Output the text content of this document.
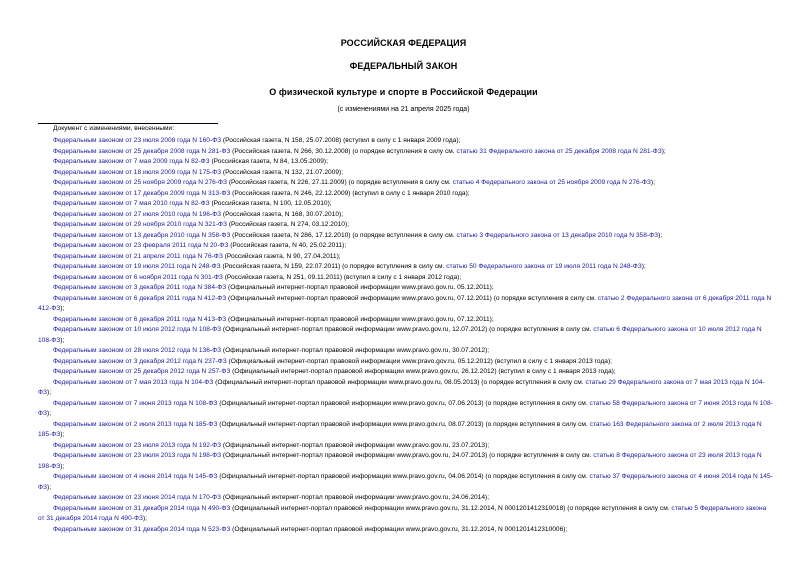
РОССИЙСКАЯ ФЕДЕРАЦИЯ
ФЕДЕРАЛЬНЫЙ ЗАКОН
О физической культуре и спорте в Российской Федерации
(с изменениями на 21 апреля 2025 года)
Документ с изменениями, внесенными:

Федеральным законом от 23 июля 2008 года N 160-ФЗ (Российская газета, N 158, 25.07.2008) (вступил в силу с 1 января 2009 года);

Федеральным законом от 25 декабря 2008 года N 281-ФЗ (Российская газета, N 266, 30.12.2008) (о порядке вступления в силу см. статью 31 Федерального закона от 25 декабря 2008 года N 281-ФЗ);

Федеральным законом от 7 мая 2009 года N 82-ФЗ (Российская газета, N 84, 13.05.2009);

Федеральным законом от 18 июля 2009 года N 175-ФЗ (Российская газета, N 132, 21.07.2009);

Федеральным законом от 25 ноября 2009 года N 276-ФЗ (Российская газета, N 226, 27.11.2009) (о порядке вступления в силу см. статью 4 Федерального закона от 25 ноября 2009 года N 276-ФЗ);

Федеральным законом от 17 декабря 2009 года N 313-ФЗ (Российская газета, N 246, 22.12.2009) (вступил в силу с 1 января 2010 года);

Федеральным законом от 7 мая 2010 года N 82-ФЗ (Российская газета, N 100, 12.05.2010);

Федеральным законом от 27 июля 2010 года N 196-ФЗ (Российская газета, N 168, 30.07.2010);

Федеральным законом от 29 ноября 2010 года N 321-ФЗ (Российская газета, N 274, 03.12.2010);

Федеральным законом от 13 декабря 2010 года N 358-ФЗ (Российская газета, N 286, 17.12.2010) (о порядке вступления в силу см. статью 3 Федерального закона от 13 декабря 2010 года N 358-ФЗ);

Федеральным законом от 23 февраля 2011 года N 20-ФЗ (Российская газета, N 40, 25.02.2011);

Федеральным законом от 21 апреля 2011 года N 76-ФЗ (Российская газета, N 90, 27.04.2011);

Федеральным законом от 19 июля 2011 года N 248-ФЗ (Российская газета, N 159, 22.07.2011) (о порядке вступления в силу см. статью 50 Федерального закона от 19 июля 2011 года N 248-ФЗ);

Федеральным законом от 6 ноября 2011 года N 301-ФЗ (Российская газета, N 251, 09.11.2011) (вступил в силу с 1 января 2012 года);

Федеральным законом от 3 декабря 2011 года N 384-ФЗ (Официальный интернет-портал правовой информации www.pravo.gov.ru, 05.12.2011);

Федеральным законом от 6 декабря 2011 года N 412-ФЗ (Официальный интернет-портал правовой информации www.pravo.gov.ru, 07.12.2011) (о порядке вступления в силу см. статью 2 Федерального закона от 6 декабря 2011 года N 412-ФЗ);

Федеральным законом от 6 декабря 2011 года N 413-ФЗ (Официальный интернет-портал правовой информации www.pravo.gov.ru, 07.12.2011);

Федеральным законом от 10 июля 2012 года N 108-ФЗ (Официальный интернет-портал правовой информации www.pravo.gov.ru, 12.07.2012) (о порядке вступления в силу см. статью 6 Федерального закона от 10 июля 2012 года N 108-ФЗ);

Федеральным законом от 28 июля 2012 года N 136-ФЗ (Официальный интернет-портал правовой информации www.pravo.gov.ru, 30.07.2012);

Федеральным законом от 3 декабря 2012 года N 237-ФЗ (Официальный интернет-портал правовой информации www.pravo.gov.ru, 05.12.2012) (вступил в силу с 1 января 2013 года);

Федеральным законом от 25 декабря 2012 года N 257-ФЗ (Официальный интернет-портал правовой информации www.pravo.gov.ru, 26.12.2012) (вступил в силу с 1 января 2013 года);

Федеральным законом от 7 мая 2013 года N 104-ФЗ (Официальный интернет-портал правовой информации www.pravo.gov.ru, 08.05.2013) (о порядке вступления в силу см. статью 29 Федерального закона от 7 мая 2013 года N 104-ФЗ);

Федеральным законом от 7 июня 2013 года N 108-ФЗ (Официальный интернет-портал правовой информации www.pravo.gov.ru, 07.06.2013) (о порядке вступления в силу см. статью 58 Федерального закона от 7 июня 2013 года N 108-ФЗ);

Федеральным законом от 2 июля 2013 года N 185-ФЗ (Официальный интернет-портал правовой информации www.pravo.gov.ru, 08.07.2013) (о порядке вступления в силу см. статью 163 Федерального закона от 2 июля 2013 года N 185-ФЗ);

Федеральным законом от 23 июля 2013 года N 192-ФЗ (Официальный интернет-портал правовой информации www.pravo.gov.ru, 23.07.2013);

Федеральным законом от 23 июля 2013 года N 198-ФЗ (Официальный интернет-портал правовой информации www.pravo.gov.ru, 24.07.2013) (о порядке вступления в силу см. статью 8 Федерального закона от 23 июля 2013 года N 198-ФЗ);

Федеральным законом от 4 июня 2014 года N 145-ФЗ (Официальный интернет-портал правовой информации www.pravo.gov.ru, 04.06.2014) (о порядке вступления в силу см. статью 37 Федерального закона от 4 июня 2014 года N 145-ФЗ);

Федеральным законом от 23 июня 2014 года N 170-ФЗ (Официальный интернет-портал правовой информации www.pravo.gov.ru, 24.06.2014);

Федеральным законом от 31 декабря 2014 года N 490-ФЗ (Официальный интернет-портал правовой информации www.pravo.gov.ru, 31.12.2014, N 0001201412310018) (о порядке вступления в силу см. статью 5 Федерального закона от 31 декабря 2014 года N 490-ФЗ);

Федеральным законом от 31 декабря 2014 года N 523-ФЗ (Официальный интернет-портал правовой информации www.pravo.gov.ru, 31.12.2014, N 0001201412310006);
